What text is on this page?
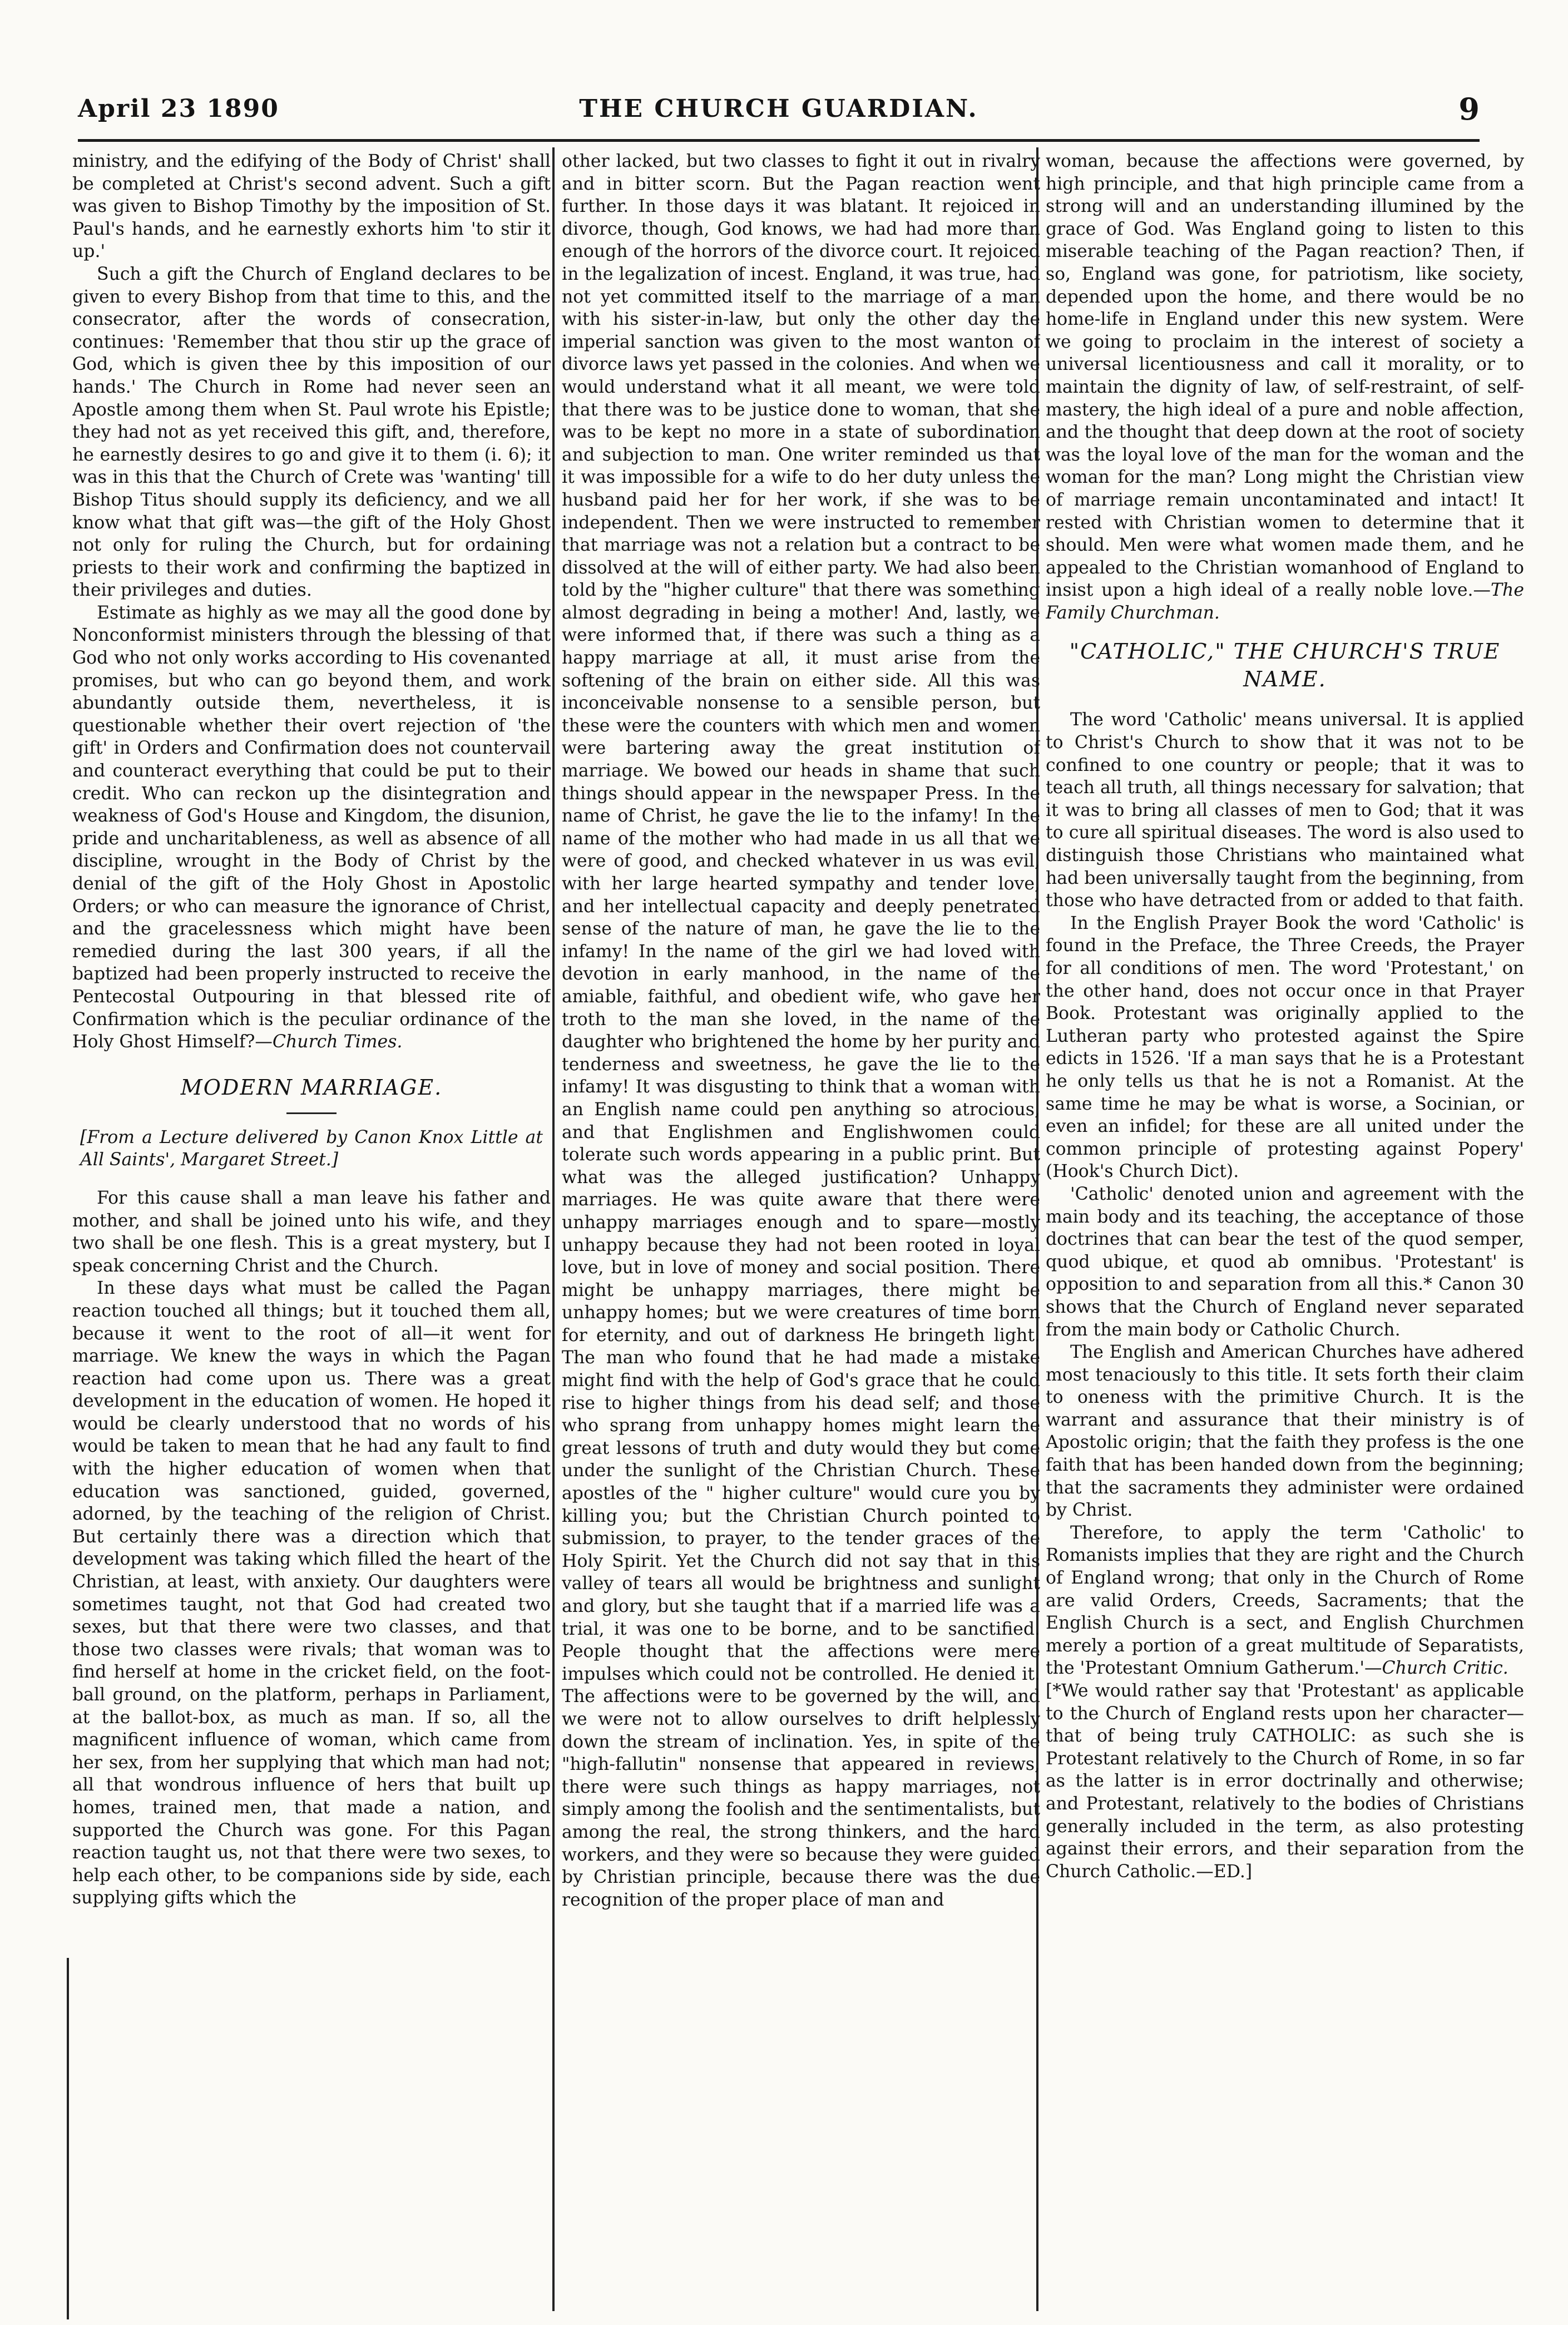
April 23 1890	THE CHURCH GUARDIAN.	9

ministry, and the edifying of the Body of Christ' shall be completed at Christ's second advent. Such a gift was given to Bishop Timothy by the imposition of St. Paul's hands, and he earnestly exhorts him 'to stir it up.'

Such a gift the Church of England declares to be given to every Bishop from that time to this, and the consecrator, after the words of consecration, continues: 'Remember that thou stir up the grace of God, which is given thee by this imposition of our hands.' The Church in Rome had never seen an Apostle among them when St. Paul wrote his Epistle; they had not as yet received this gift, and, therefore, he earnestly desires to go and give it to them (i. 6); it was in this that the Church of Crete was 'wanting' till Bishop Titus should supply its deficiency, and we all know what that gift was—the gift of the Holy Ghost not only for ruling the Church, but for ordaining priests to their work and confirming the baptized in their privileges and duties.

Estimate as highly as we may all the good done by Nonconformist ministers through the blessing of that God who not only works according to His covenanted promises, but who can go beyond them, and work abundantly outside them, nevertheless, it is questionable whether their overt rejection of 'the gift' in Orders and Confirmation does not countervail and counteract everything that could be put to their credit. Who can reckon up the disintegration and weakness of God's House and Kingdom, the disunion, pride and uncharitableness, as well as absence of all discipline, wrought in the Body of Christ by the denial of the gift of the Holy Ghost in Apostolic Orders; or who can measure the ignorance of Christ, and the gracelessness which might have been remedied during the last 300 years, if all the baptized had been properly instructed to receive the Pentecostal Outpouring in that blessed rite of Confirmation which is the peculiar ordinance of the Holy Ghost Himself?—Church Times.

MODERN MARRIAGE.

[From a Lecture delivered by Canon Knox Little at All Saints', Margaret Street.]

For this cause shall a man leave his father and mother, and shall be joined unto his wife, and they two shall be one flesh. This is a great mystery, but I speak concerning Christ and the Church.

In these days what must be called the Pagan reaction touched all things; but it touched them all, because it went to the root of all—it went for marriage. We knew the ways in which the Pagan reaction had come upon us. There was a great development in the education of women. He hoped it would be clearly understood that no words of his would be taken to mean that he had any fault to find with the higher education of women when that education was sanctioned, guided, governed, adorned, by the teaching of the religion of Christ. But certainly there was a direction which that development was taking which filled the heart of the Christian, at least, with anxiety. Our daughters were sometimes taught, not that God had created two sexes, but that there were two classes, and that those two classes were rivals; that woman was to find herself at home in the cricket field, on the foot-ball ground, on the platform, perhaps in Parliament, at the ballot-box, as much as man. If so, all the magnificent influence of woman, which came from her sex, from her supplying that which man had not; all that wondrous influence of hers that built up homes, trained men, that made a nation, and supported the Church was gone. For this Pagan reaction taught us, not that there were two sexes, to help each other, to be companions side by side, each supplying gifts which the

other lacked, but two classes to fight it out in rivalry and in bitter scorn. But the Pagan reaction went further. In those days it was blatant. It rejoiced in divorce, though, God knows, we had had more than enough of the horrors of the divorce court. It rejoiced in the legalization of incest. England, it was true, had not yet committed itself to the marriage of a man with his sister-in-law, but only the other day the imperial sanction was given to the most wanton of divorce laws yet passed in the colonies. And when we would understand what it all meant, we were told that there was to be justice done to woman, that she was to be kept no more in a state of subordination and subjection to man. One writer reminded us that it was impossible for a wife to do her duty unless the husband paid her for her work, if she was to be independent. Then we were instructed to remember that marriage was not a relation but a contract to be dissolved at the will of either party. We had also been told by the "higher culture" that there was something almost degrading in being a mother! And, lastly, we were informed that, if there was such a thing as a happy marriage at all, it must arise from the softening of the brain on either side. All this was inconceivable nonsense to a sensible person, but these were the counters with which men and women were bartering away the great institution of marriage. We bowed our heads in shame that such things should appear in the newspaper Press. In the name of Christ, he gave the lie to the infamy! In the name of the mother who had made in us all that we were of good, and checked whatever in us was evil, with her large hearted sympathy and tender love, and her intellectual capacity and deeply penetrated sense of the nature of man, he gave the lie to the infamy! In the name of the girl we had loved with devotion in early manhood, in the name of the amiable, faithful, and obedient wife, who gave her troth to the man she loved, in the name of the daughter who brightened the home by her purity and tenderness and sweetness, he gave the lie to the infamy! It was disgusting to think that a woman with an English name could pen anything so atrocious, and that Englishmen and Englishwomen could tolerate such words appearing in a public print. But what was the alleged justification? Unhappy marriages. He was quite aware that there were unhappy marriages enough and to spare—mostly unhappy because they had not been rooted in loyal love, but in love of money and social position. There might be unhappy marriages, there might be unhappy homes; but we were creatures of time born for eternity, and out of darkness He bringeth light. The man who found that he had made a mistake might find with the help of God's grace that he could rise to higher things from his dead self; and those who sprang from unhappy homes might learn the great lessons of truth and duty would they but come under the sunlight of the Christian Church. These apostles of the " higher culture" would cure you by killing you; but the Christian Church pointed to submission, to prayer, to the tender graces of the Holy Spirit. Yet the Church did not say that in this valley of tears all would be brightness and sunlight and glory, but she taught that if a married life was a trial, it was one to be borne, and to be sanctified. People thought that the affections were mere impulses which could not be controlled. He denied it. The affections were to be governed by the will, and we were not to allow ourselves to drift helplessly down the stream of inclination. Yes, in spite of the "high-fallutin" nonsense that appeared in reviews, there were such things as happy marriages, not simply among the foolish and the sentimentalists, but among the real, the strong thinkers, and the hard workers, and they were so because they were guided by Christian principle, because there was the due recognition of the proper place of man and

woman, because the affections were governed, by high principle, and that high principle came from a strong will and an understanding illumined by the grace of God. Was England going to listen to this miserable teaching of the Pagan reaction? Then, if so, England was gone, for patriotism, like society, depended upon the home, and there would be no home-life in England under this new system. Were we going to proclaim in the interest of society a universal licentiousness and call it morality, or to maintain the dignity of law, of self-restraint, of self-mastery, the high ideal of a pure and noble affection, and the thought that deep down at the root of society was the loyal love of the man for the woman and the woman for the man? Long might the Christian view of marriage remain uncontaminated and intact! It rested with Christian women to determine that it should. Men were what women made them, and he appealed to the Christian womanhood of England to insist upon a high ideal of a really noble love.—The Family Churchman.

"CATHOLIC," THE CHURCH'S TRUE NAME.

The word 'Catholic' means universal. It is applied to Christ's Church to show that it was not to be confined to one country or people; that it was to teach all truth, all things necessary for salvation; that it was to bring all classes of men to God; that it was to cure all spiritual diseases. The word is also used to distinguish those Christians who maintained what had been universally taught from the beginning, from those who have detracted from or added to that faith.

In the English Prayer Book the word 'Catholic' is found in the Preface, the Three Creeds, the Prayer for all conditions of men. The word 'Protestant,' on the other hand, does not occur once in that Prayer Book. Protestant was originally applied to the Lutheran party who protested against the Spire edicts in 1526. 'If a man says that he is a Protestant he only tells us that he is not a Romanist. At the same time he may be what is worse, a Socinian, or even an infidel; for these are all united under the common principle of protesting against Popery' (Hook's Church Dict).

'Catholic' denoted union and agreement with the main body and its teaching, the acceptance of those doctrines that can bear the test of the quod semper, quod ubique, et quod ab omnibus. 'Protestant' is opposition to and separation from all this.* Canon 30 shows that the Church of England never separated from the main body or Catholic Church.

The English and American Churches have adhered most tenaciously to this title. It sets forth their claim to oneness with the primitive Church. It is the warrant and assurance that their ministry is of Apostolic origin; that the faith they profess is the one faith that has been handed down from the beginning; that the sacraments they administer were ordained by Christ.

Therefore, to apply the term 'Catholic' to Romanists implies that they are right and the Church of England wrong; that only in the Church of Rome are valid Orders, Creeds, Sacraments; that the English Church is a sect, and English Churchmen merely a portion of a great multitude of Separatists, the 'Protestant Omnium Gatherum.'—Church Critic.

[*We would rather say that 'Protestant' as applicable to the Church of England rests upon her character—that of being truly CATHOLIC: as such she is Protestant relatively to the Church of Rome, in so far as the latter is in error doctrinally and otherwise; and Protestant, relatively to the bodies of Christians generally included in the term, as also protesting against their errors, and their separation from the Church Catholic.—ED.]
